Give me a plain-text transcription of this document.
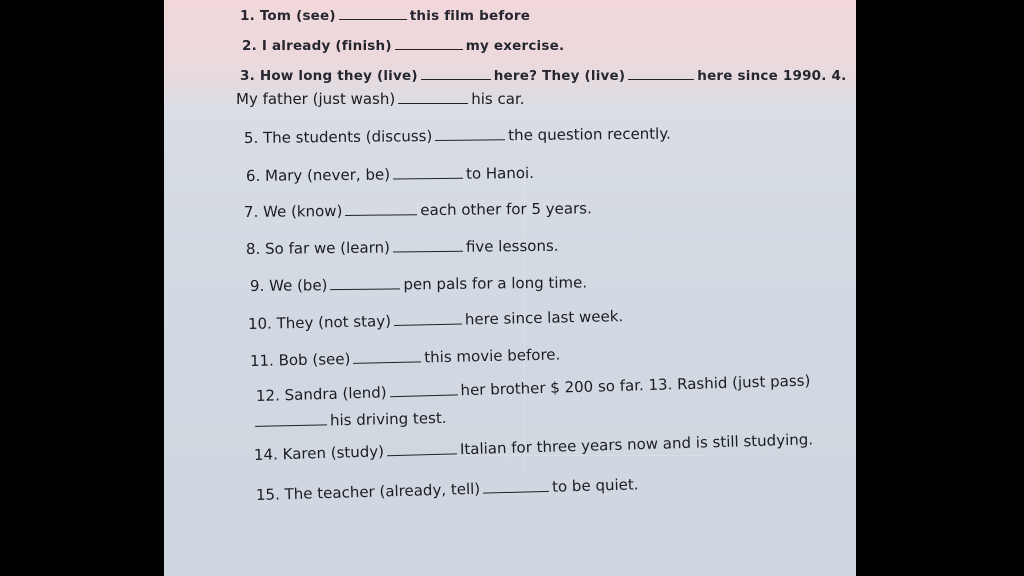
1. Tom (see)	this film before
2. I already (finish)	my exercise.
3. How long they (live)	here? They (live)	here since 1990. 4.
My father (just wash)	his car.
5. The students (discuss)	the question recently.
6. Mary (never, be)	to Hanoi.
7. We (know)	each other for 5 years.
8. So far we (learn)	five lessons.
9. We (be)	pen pals for a long time.
10. They (not stay)	here since last week.
11. Bob (see)	this movie before.
12. Sandra (lend)	her brother $ 200 so far. 13. Rashid (just pass)
his driving test.
14. Karen (study)	Italian for three years now and is still studying.
15. The teacher (already, tell)	to be quiet.
